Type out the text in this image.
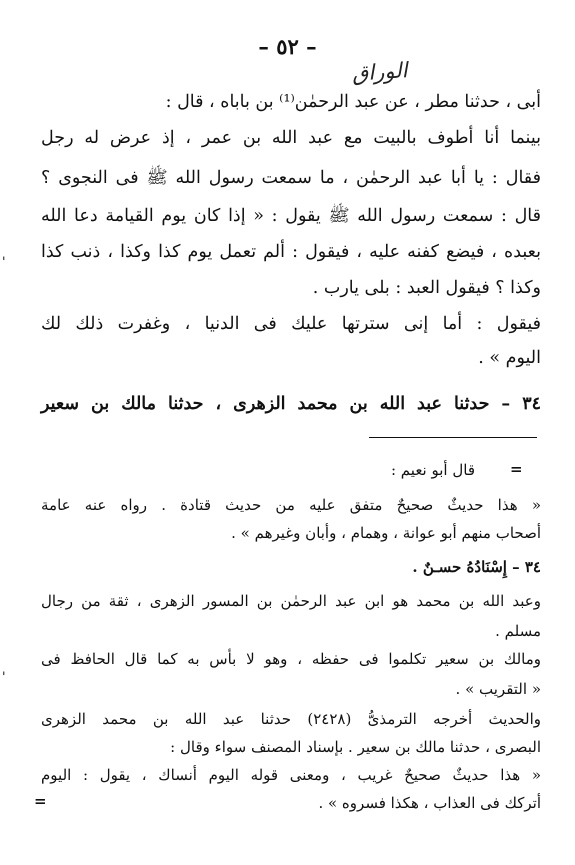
– ٥٢ –
الوراق
أبى ، حدثنا مطر ، عن عبد الرحمٰن⁽¹⁾ بن باباه ، قال :
بينما أنا أطوف بالبيت مع عبد الله بن عمر ، إذ عرض له رجل
فقال : يا أبا عبد الرحمٰن ، ما سمعت رسول الله ﷺ فى النجوى ؟
قال : سمعت رسول الله ﷺ يقول : « إذا كان يوم القيامة دعا الله
بعبده ، فيضع كفنه عليه ، فيقول : ألم تعمل يوم كذا وكذا ، ذنب كذا
وكذا ؟ فيقول العبد : بلى يارب .
فيقول : أما إنى سترتها عليك فى الدنيا ، وغفرت ذلك لك
اليوم » .
٣٤ – حدثنا عبد الله بن محمد الزهرى ، حدثنا مالك بن سعير
=
قال أبو نعيم :
« هذا حديثٌ صحيحٌ متفق عليه من حديث قتادة . رواه عنه عامة
أصحاب منهم أبو عوانة ، وهمام ، وأبان وغيرهم » .
٣٤ – إِسْنَادُهُ حسـنٌ .
وعبد الله بن محمد هو ابن عبد الرحمٰن بن المسور الزهرى ، ثقة من رجال
مسلم .
ومالك بن سعير تكلموا فى حفظه ، وهو لا بأس به كما قال الحافظ فى
« التقريب » .
والحديث أخرجه الترمذىُّ (٢٤٢٨) حدثنا عبد الله بن محمد الزهرى
البصرى ، حدثنا مالك بن سعير . بإسناد المصنف سواء وقال :
« هذا حديثٌ صحيحٌ غريب ، ومعنى قوله اليوم أنساك ، يقول : اليوم
أتركك فى العذاب ، هكذا فسروه » .
=
'
'
